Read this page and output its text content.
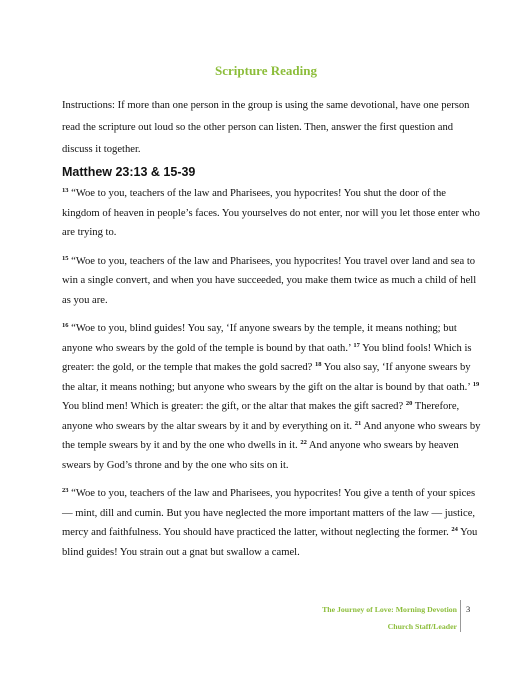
Scripture Reading

Instructions: If more than one person in the group is using the same devotional, have one person read the scripture out loud so the other person can listen. Then, answer the first question and discuss it together.

Matthew 23:13 & 15-39

$^{13}$ “Woe to you, teachers of the law and Pharisees, you hypocrites! You shut the door of the kingdom of heaven in people’s faces. You yourselves do not enter, nor will you let those enter who are trying to.

$^{15}$ “Woe to you, teachers of the law and Pharisees, you hypocrites! You travel over land and sea to win a single convert, and when you have succeeded, you make them twice as much a child of hell as you are.

$^{16}$ “Woe to you, blind guides! You say, ‘If anyone swears by the temple, it means nothing; but anyone who swears by the gold of the temple is bound by that oath.’ $^{17}$ You blind fools! Which is greater: the gold, or the temple that makes the gold sacred? $^{18}$ You also say, ‘If anyone swears by the altar, it means nothing; but anyone who swears by the gift on the altar is bound by that oath.’ $^{19}$ You blind men! Which is greater: the gift, or the altar that makes the gift sacred? $^{20}$ Therefore, anyone who swears by the altar swears by it and by everything on it. $^{21}$ And anyone who swears by the temple swears by it and by the one who dwells in it. $^{22}$ And anyone who swears by heaven swears by God’s throne and by the one who sits on it.

$^{23}$ “Woe to you, teachers of the law and Pharisees, you hypocrites! You give a tenth of your spices — mint, dill and cumin. But you have neglected the more important matters of the law — justice, mercy and faithfulness. You should have practiced the latter, without neglecting the former. $^{24}$ You blind guides! You strain out a gnat but swallow a camel.

The Journey of Love: Morning Devotion
Church Staff/Leader
3
